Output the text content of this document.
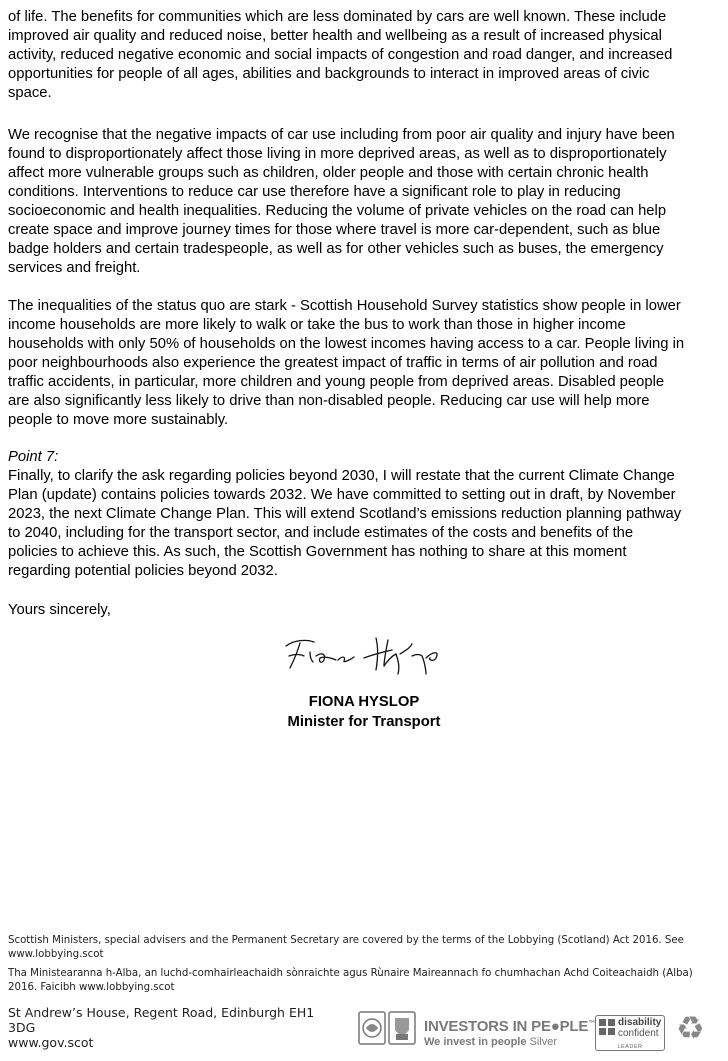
of life. The benefits for communities which are less dominated by cars are well known. These include
improved air quality and reduced noise, better health and wellbeing as a result of increased physical
activity, reduced negative economic and social impacts of congestion and road danger, and increased
opportunities for people of all ages, abilities and backgrounds to interact in improved areas of civic
space.

We recognise that the negative impacts of car use including from poor air quality and injury have been
found to disproportionately affect those living in more deprived areas, as well as to disproportionately
affect more vulnerable groups such as children, older people and those with certain chronic health
conditions. Interventions to reduce car use therefore have a significant role to play in reducing
socioeconomic and health inequalities. Reducing the volume of private vehicles on the road can help
create space and improve journey times for those where travel is more car-dependent, such as blue
badge holders and certain tradespeople, as well as for other vehicles such as buses, the emergency
services and freight.

The inequalities of the status quo are stark - Scottish Household Survey statistics show people in lower
income households are more likely to walk or take the bus to work than those in higher income
households with only 50% of households on the lowest incomes having access to a car. People living in
poor neighbourhoods also experience the greatest impact of traffic in terms of air pollution and road
traffic accidents, in particular, more children and young people from deprived areas. Disabled people
are also significantly less likely to drive than non-disabled people. Reducing car use will help more
people to move more sustainably.

Point 7:
Finally, to clarify the ask regarding policies beyond 2030, I will restate that the current Climate Change
Plan (update) contains policies towards 2032. We have committed to setting out in draft, by November
2023, the next Climate Change Plan. This will extend Scotland’s emissions reduction planning pathway
to 2040, including for the transport sector, and include estimates of the costs and benefits of the
policies to achieve this. As such, the Scottish Government has nothing to share at this moment
regarding potential policies beyond 2032.

Yours sincerely,

FIONA HYSLOP
Minister for Transport
Scottish Ministers, special advisers and the Permanent Secretary are covered by the terms of the Lobbying (Scotland) Act 2016. See
www.lobbying.scot
Tha Ministearanna h-Alba, an luchd-comhairleachaidh sònraichte agus Rùnaire Maireannach fo chumhachan Achd Coiteachaidh (Alba)
2016. Faicibh www.lobbying.scot
St Andrew’s House, Regent Road, Edinburgh EH1
3DG
www.gov.scot
INVESTORS IN PE●PLE™
We invest in people Silver
disability
confident
LEADER
♻
